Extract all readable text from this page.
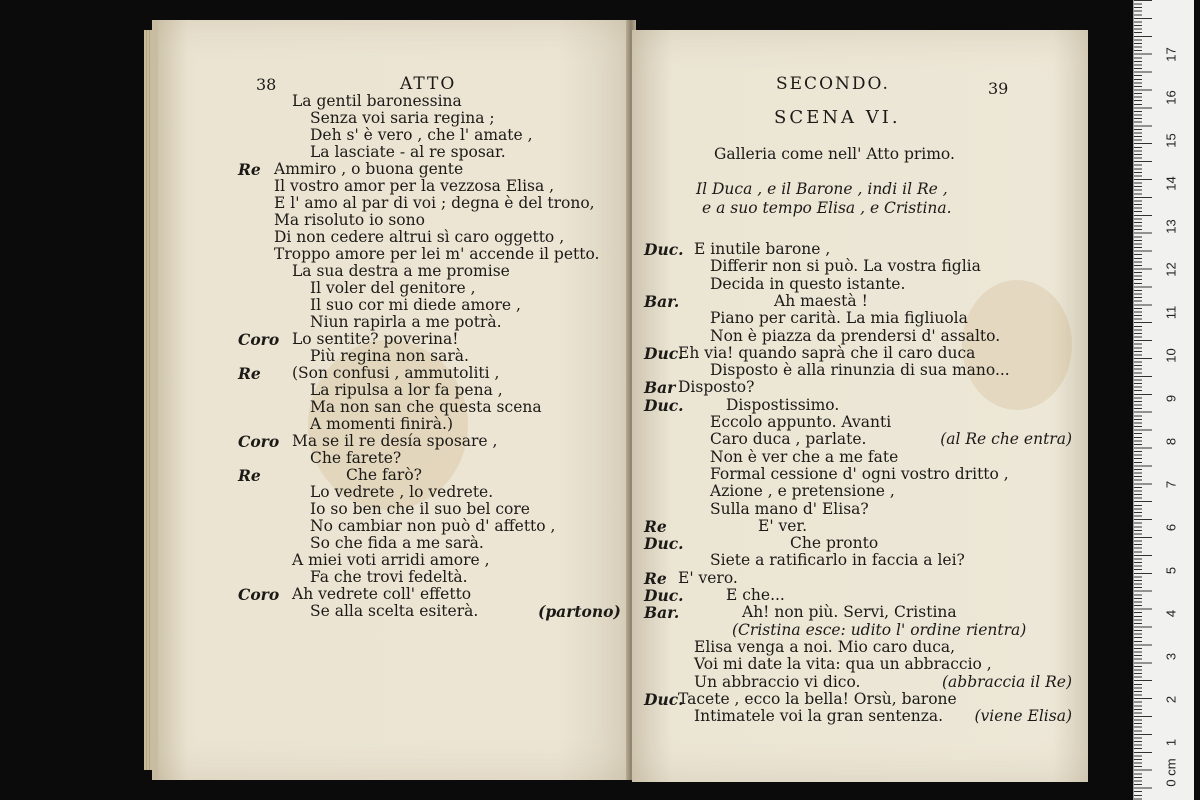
38	ATTO
La gentil baronessina
Senza voi saria regina ;
Deh s' è vero , che l' amate ,
La lasciate - al re sposar.
Re Ammiro , o buona gente
Il vostro amor per la vezzosa Elisa ,
E l' amo al par di voi ; degna è del trono,
Ma risoluto io sono
Di non cedere altrui sì caro oggetto ,
Troppo amore per lei m' accende il petto.
La sua destra a me promise
Il voler del genitore ,
Il suo cor mi diede amore ,
Niun rapirla a me potrà.
Coro Lo sentite? poverina!
Più regina non sarà.
Re (Son confusi , ammutoliti ,
La ripulsa a lor fa pena ,
Ma non san che questa scena
A momenti finirà.)
Coro Ma se il re desía sposare ,
Che farete?
Re	Che farò?
Lo vedrete , lo vedrete.
Io so ben che il suo bel core
No cambiar non può d' affetto ,
So che fida a me sarà.
A miei voti arridi amore ,
Fa che trovi fedeltà.
Coro Ah vedrete coll' effetto
Se alla scelta esiterà.	(partono)
SECONDO.	39
SCENA VI.
Galleria come nell' Atto primo.
Il Duca , e il Barone , indi il Re ,
e a suo tempo Elisa , e Cristina.
Duc. E inutile barone ,
Differir non si può. La vostra figlia
Decida in questo istante.
Bar.	Ah maestà !
Piano per carità. La mia figliuola
Non è piazza da prendersi d' assalto.
Duc.
Eh via! quando saprà che il caro duca
Disposto è alla rinunzia di sua mano...
Bar Disposto?
Duc.	Dispostissimo.
Eccolo appunto. Avanti
Caro duca , parlate.	(al Re che entra)
Non è ver che a me fate
Formal cessione d' ogni vostro dritto ,
Azione , e pretensione ,
Sulla mano d' Elisa?
Re	E' ver.
Duc.	Che pronto
Siete a ratificarlo in faccia a lei?
Re E' vero.
Duc.	E che...
Bar.	Ah! non più. Servi, Cristina
(Cristina esce: udito l' ordine rientra)
Elisa venga a noi. Mio caro duca,
Voi mi date la vita: qua un abbraccio ,
Un abbraccio vi dico.	(abbraccia il Re)
Duc.
Tacete , ecco la bella! Orsù, barone
Intimatele voi la gran sentenza. (viene Elisa)
0 cm
1
2
3
4
5
6
7
8
9
10
11
12
13
14
15
16
17
